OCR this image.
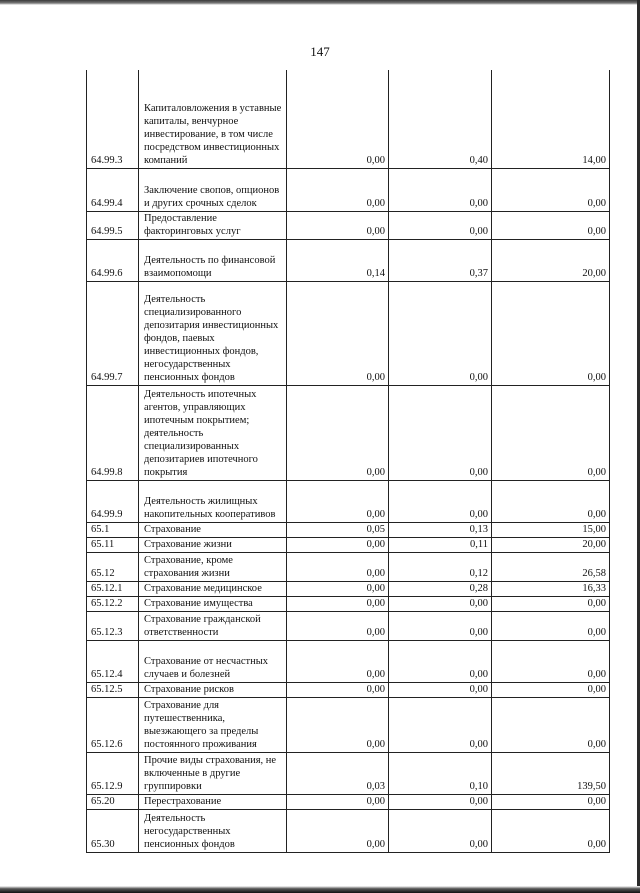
147
64.99.3	Капиталовложения в уставные капиталы, венчурное инвестирование, в том числе посредством инвестиционных компаний	0,00	0,40	14,00
64.99.4	Заключение свопов, опционов и других срочных сделок	0,00	0,00	0,00
64.99.5	Предоставление факторинговых услуг	0,00	0,00	0,00
64.99.6	Деятельность по финансовой взаимопомощи	0,14	0,37	20,00
64.99.7	Деятельность специализированного депозитария инвестиционных фондов, паевых инвестиционных фондов, негосударственных пенсионных фондов	0,00	0,00	0,00
64.99.8	Деятельность ипотечных агентов, управляющих ипотечным покрытием; деятельность специализированных депозитариев ипотечного покрытия	0,00	0,00	0,00
64.99.9	Деятельность жилищных накопительных кооперативов	0,00	0,00	0,00
65.1	Страхование	0,05	0,13	15,00
65.11	Страхование жизни	0,00	0,11	20,00
65.12	Страхование, кроме страхования жизни	0,00	0,12	26,58
65.12.1	Страхование медицинское	0,00	0,28	16,33
65.12.2	Страхование имущества	0,00	0,00	0,00
65.12.3	Страхование гражданской ответственности	0,00	0,00	0,00
65.12.4	Страхование от несчастных случаев и болезней	0,00	0,00	0,00
65.12.5	Страхование рисков	0,00	0,00	0,00
65.12.6	Страхование для путешественника, выезжающего за пределы постоянного проживания	0,00	0,00	0,00
65.12.9	Прочие виды страхования, не включенные в другие группировки	0,03	0,10	139,50
65.20	Перестрахование	0,00	0,00	0,00
65.30	Деятельность негосударственных пенсионных фондов	0,00	0,00	0,00
